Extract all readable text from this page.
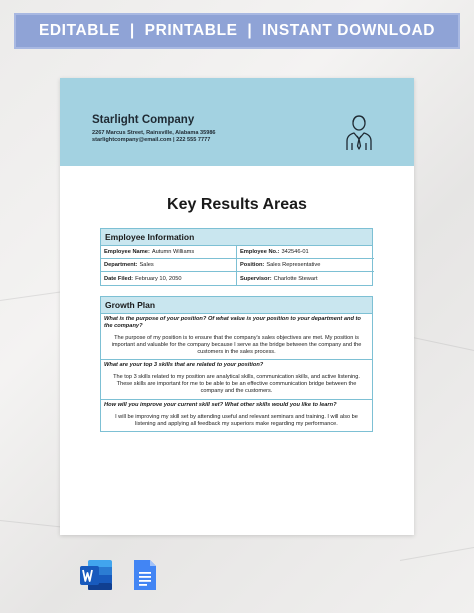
EDITABLE  |  PRINTABLE  |  INSTANT DOWNLOAD
Starlight Company
2267 Marcus Street, Rainsville, Alabama 35986
starlightcompany@email.com | 222 555 7777
Key Results Areas
Employee Information
Employee Name: Autumn Williams	Employee No.: 342546-01
Department: Sales	Position: Sales Representative
Date Filed: February 10, 2050	Supervisor: Charlotte Stewart
Growth Plan
What is the purpose of your position? Of what value is your position to your department and to the company?
The purpose of my position is to ensure that the company's sales objectives are met. My position is important and valuable for the company because I serve as the bridge between the company and the customers in the sales process.
What are your top 3 skills that are related to your position?
The top 3 skills related to my position are analytical skills, communication skills, and active listening. These skills are important for me to be able to be an effective communication bridge between the company and the customers.
How will you improve your current skill set? What other skills would you like to learn?
I will be improving my skill set by attending useful and relevant seminars and training. I will also be listening and applying all feedback my superiors make regarding my performance.
